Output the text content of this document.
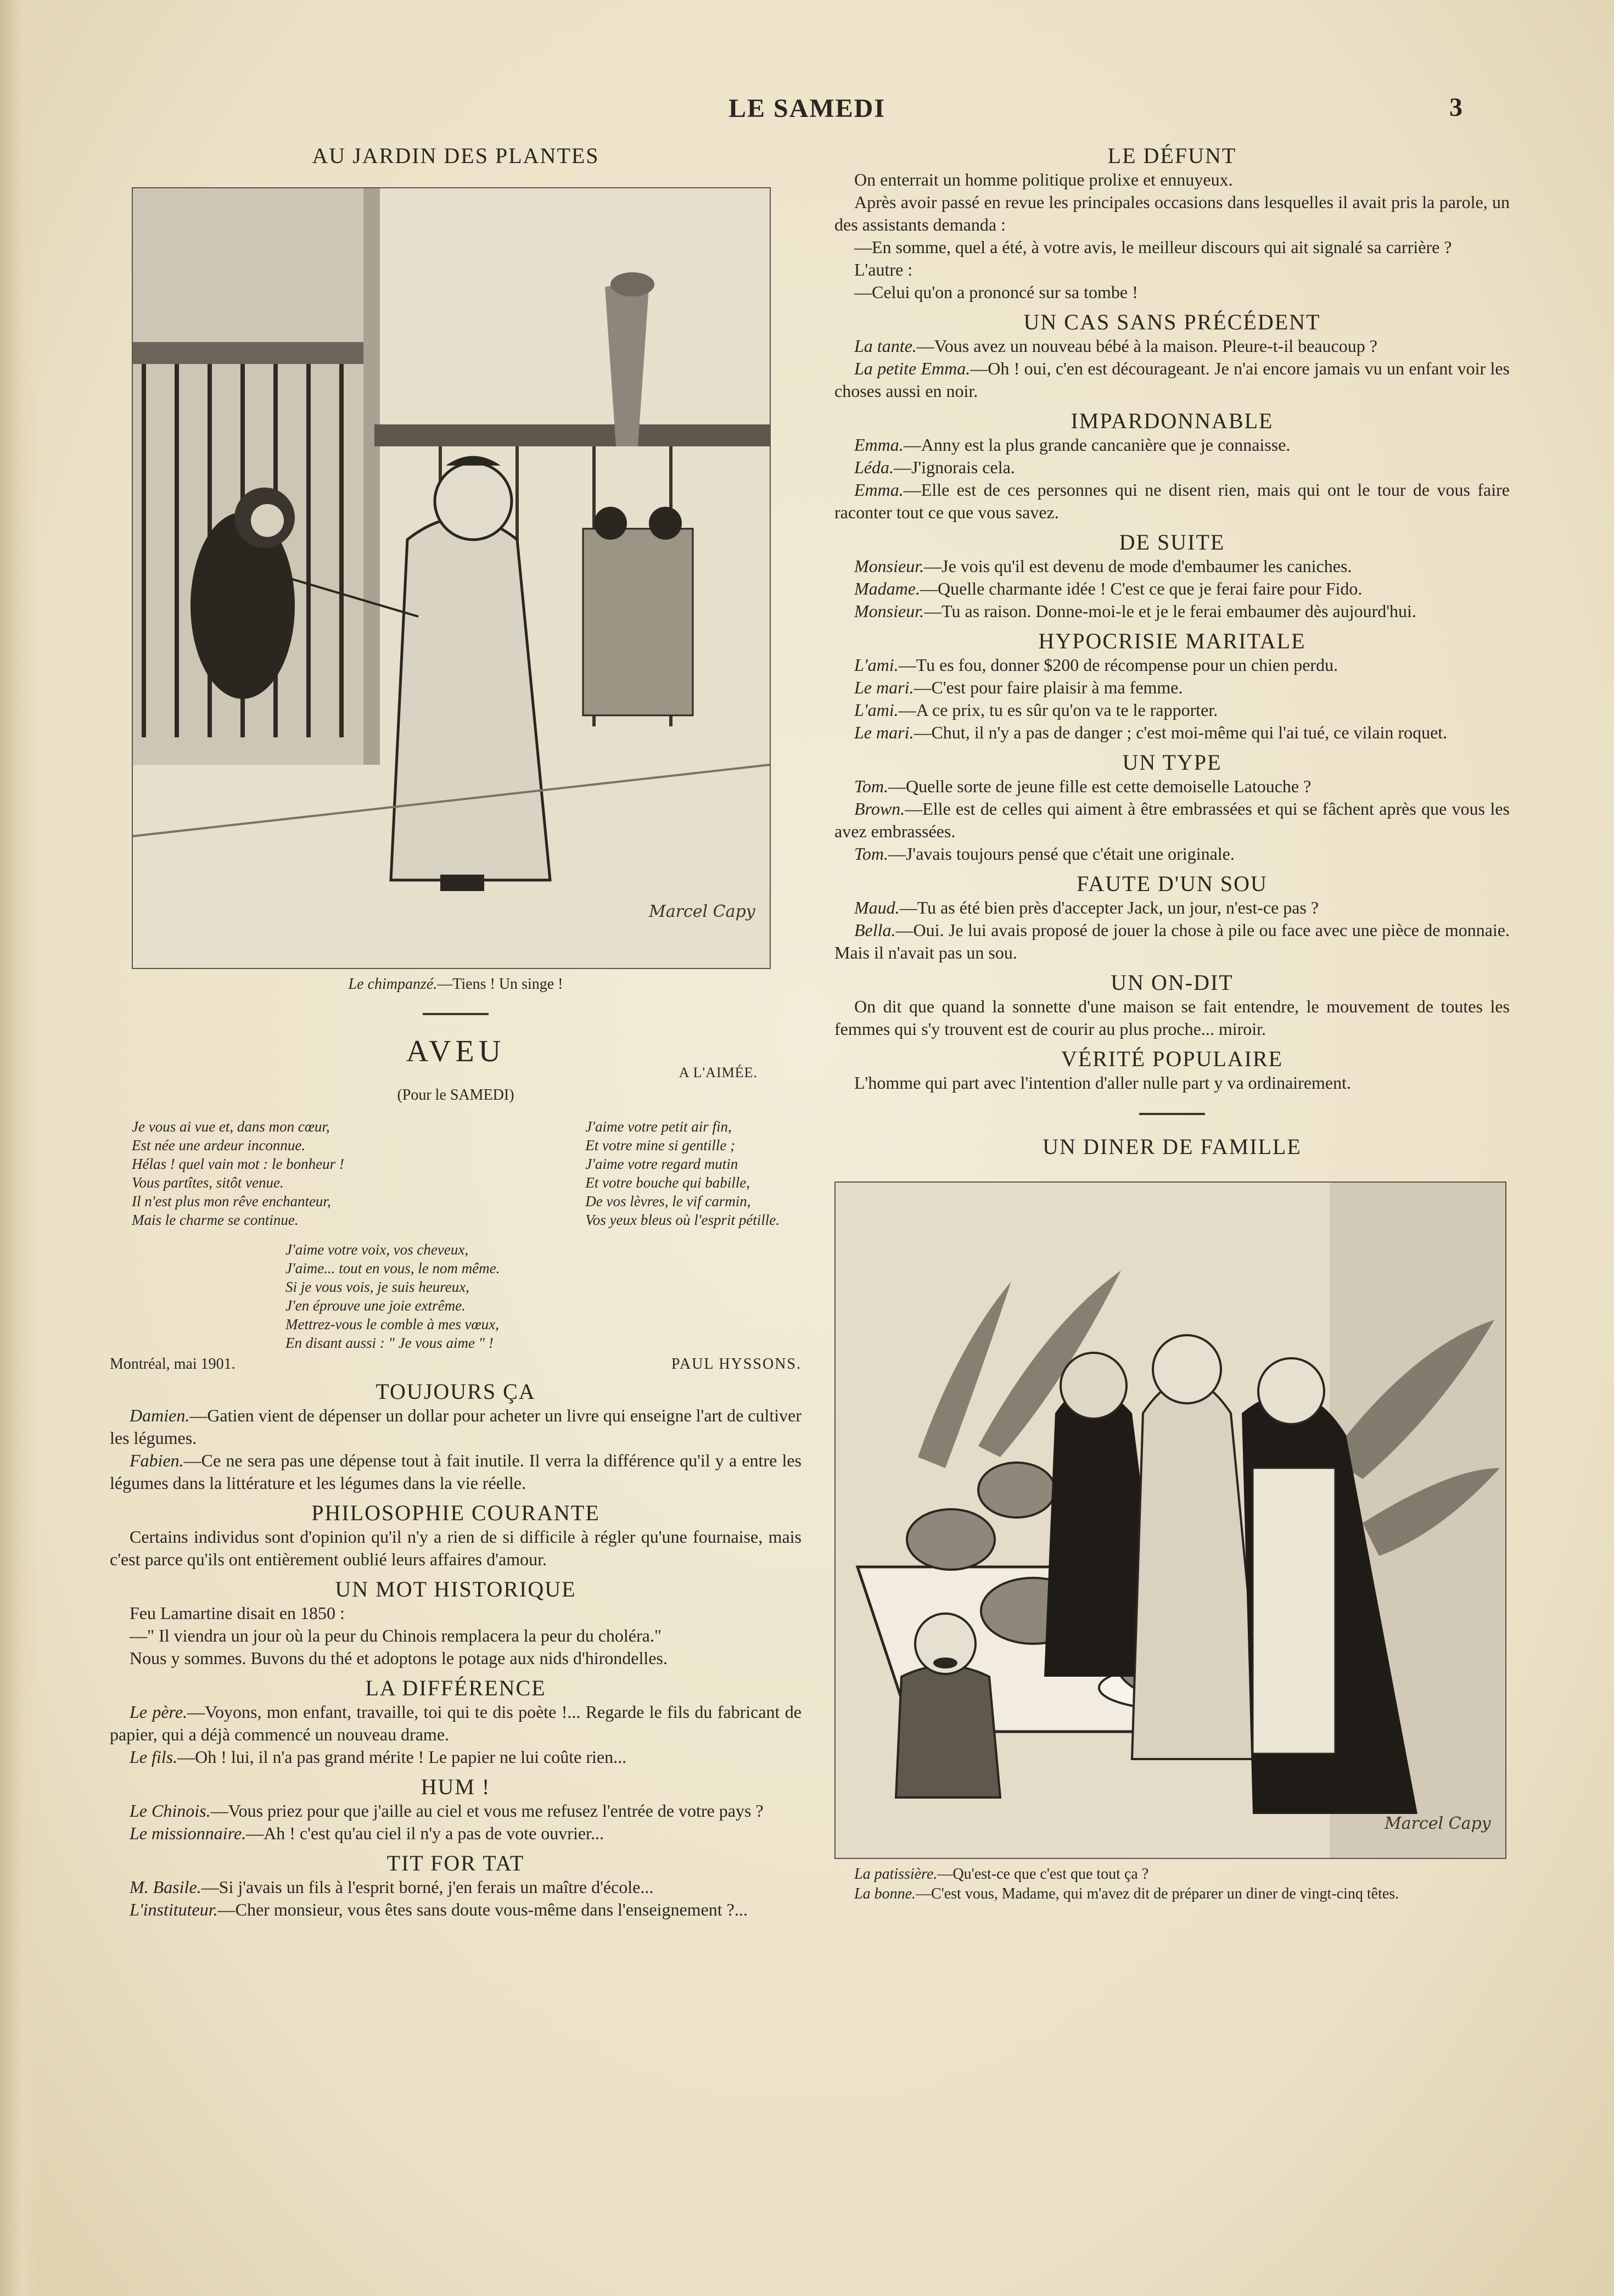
LE SAMEDI	3
AU JARDIN DES PLANTES
Marcel Capy
Le chimpanzé.—Tiens ! Un singe !
AVEU
A L'AIMÉE.
(Pour le SAMEDI)
Je vous ai vue et, dans mon cœur,
Est née une ardeur inconnue.
Hélas ! quel vain mot : le bonheur !
Vous partîtes, sitôt venue.
Il n'est plus mon rêve enchanteur,
Mais le charme se continue.
J'aime votre petit air fin,
Et votre mine si gentille ;
J'aime votre regard mutin
Et votre bouche qui babille,
De vos lèvres, le vif carmin,
Vos yeux bleus où l'esprit pétille.
J'aime votre voix, vos cheveux,
J'aime... tout en vous, le nom même.
Si je vous vois, je suis heureux,
J'en éprouve une joie extrême.
Mettrez-vous le comble à mes vœux,
En disant aussi : " Je vous aime " !
Montréal, mai 1901.	PAUL HYSSONS.
TOUJOURS ÇA

Damien.—Gatien vient de dépenser un dollar pour acheter un livre qui enseigne l'art de cultiver les légumes.

Fabien.—Ce ne sera pas une dépense tout à fait inutile. Il verra la différence qu'il y a entre les légumes dans la littérature et les légumes dans la vie réelle.

PHILOSOPHIE COURANTE

Certains individus sont d'opinion qu'il n'y a rien de si difficile à régler qu'une fournaise, mais c'est parce qu'ils ont entièrement oublié leurs affaires d'amour.

UN MOT HISTORIQUE

Feu Lamartine disait en 1850 :

—" Il viendra un jour où la peur du Chinois remplacera la peur du choléra."

Nous y sommes. Buvons du thé et adoptons le potage aux nids d'hirondelles.

LA DIFFÉRENCE

Le père.—Voyons, mon enfant, travaille, toi qui te dis poète !... Regarde le fils du fabricant de papier, qui a déjà commencé un nouveau drame.

Le fils.—Oh ! lui, il n'a pas grand mérite ! Le papier ne lui coûte rien...

HUM !

Le Chinois.—Vous priez pour que j'aille au ciel et vous me refusez l'entrée de votre pays ?

Le missionnaire.—Ah ! c'est qu'au ciel il n'y a pas de vote ouvrier...

TIT FOR TAT

M. Basile.—Si j'avais un fils à l'esprit borné, j'en ferais un maître d'école...

L'instituteur.—Cher monsieur, vous êtes sans doute vous-même dans l'enseignement ?...

LE DÉFUNT

On enterrait un homme politique prolixe et ennuyeux.

Après avoir passé en revue les principales occasions dans lesquelles il avait pris la parole, un des assistants demanda :

—En somme, quel a été, à votre avis, le meilleur discours qui ait signalé sa carrière ?

L'autre :

—Celui qu'on a prononcé sur sa tombe !

UN CAS SANS PRÉCÉDENT

La tante.—Vous avez un nouveau bébé à la maison. Pleure-t-il beaucoup ?

La petite Emma.—Oh ! oui, c'en est décourageant. Je n'ai encore jamais vu un enfant voir les choses aussi en noir.

IMPARDONNABLE

Emma.—Anny est la plus grande cancanière que je connaisse.

Léda.—J'ignorais cela.

Emma.—Elle est de ces personnes qui ne disent rien, mais qui ont le tour de vous faire raconter tout ce que vous savez.

DE SUITE

Monsieur.—Je vois qu'il est devenu de mode d'embaumer les caniches.

Madame.—Quelle charmante idée ! C'est ce que je ferai faire pour Fido.

Monsieur.—Tu as raison. Donne-moi-le et je le ferai embaumer dès aujourd'hui.

HYPOCRISIE MARITALE

L'ami.—Tu es fou, donner $200 de récompense pour un chien perdu.

Le mari.—C'est pour faire plaisir à ma femme.

L'ami.—A ce prix, tu es sûr qu'on va te le rapporter.

Le mari.—Chut, il n'y a pas de danger ; c'est moi-même qui l'ai tué, ce vilain roquet.

UN TYPE

Tom.—Quelle sorte de jeune fille est cette demoiselle Latouche ?

Brown.—Elle est de celles qui aiment à être embrassées et qui se fâchent après que vous les avez embrassées.

Tom.—J'avais toujours pensé que c'était une originale.

FAUTE D'UN SOU

Maud.—Tu as été bien près d'accepter Jack, un jour, n'est-ce pas ?

Bella.—Oui. Je lui avais proposé de jouer la chose à pile ou face avec une pièce de monnaie. Mais il n'avait pas un sou.

UN ON-DIT

On dit que quand la sonnette d'une maison se fait entendre, le mouvement de toutes les femmes qui s'y trouvent est de courir au plus proche... miroir.

VÉRITÉ POPULAIRE

L'homme qui part avec l'intention d'aller nulle part y va ordinairement.

UN DINER DE FAMILLE
Marcel Capy

La patissière.—Qu'est-ce que c'est que tout ça ?

La bonne.—C'est vous, Madame, qui m'avez dit de préparer un diner de vingt-cinq têtes.
